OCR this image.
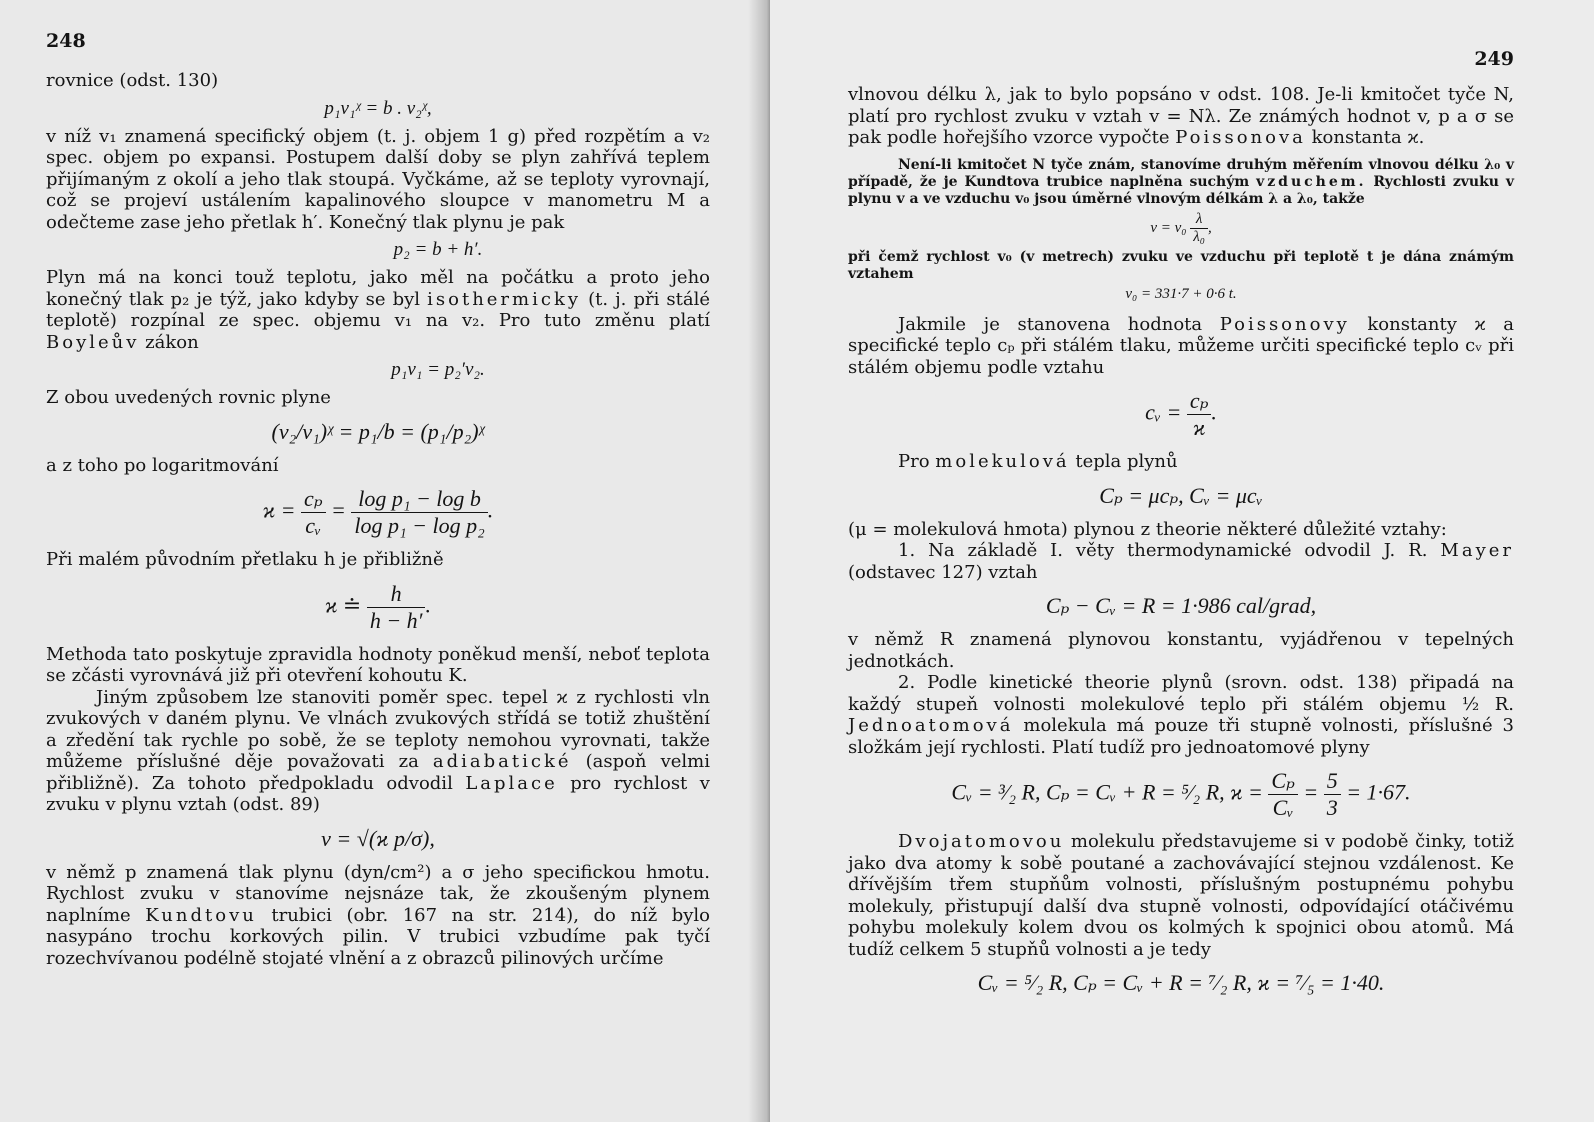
248

rovnice (odst. 130)

p₁v₁ᵡ = b . v₂ᵡ,

v níž v₁ znamená specifický objem (t. j. objem 1 g) před rozpětím a v₂ spec. objem po expansi. Postupem další doby se plyn zahřívá teplem přijímaným z okolí a jeho tlak stoupá. Vyčkáme, až se teploty vyrovnají, což se projeví ustálením kapalinového sloupce v manometru M a odečteme zase jeho přetlak h′. Konečný tlak plynu je pak

p₂ = b + h′.

Plyn má na konci touž teplotu, jako měl na počátku a proto jeho konečný tlak p₂ je týž, jako kdyby se byl isothermicky (t. j. při stálé teplotě) rozpínal ze spec. objemu v₁ na v₂. Pro tuto změnu platí Boyleův zákon

p₁v₁ = p₂′v₂.

Z obou uvedených rovnic plyne

(v₂/v₁)ᵡ = p₁/b = (p₁/p₂)ᵡ

a z toho po logaritmování

$ϰ = \frac{\text{cₚ}}{\text{cᵥ}} = \frac{\text{log p₁ − log b}}{\text{log p₁ − log p₂}}$ .

Při malém původním přetlaku h je přibližně

ϰ ≐ $\frac{h}{h - h'}$ .

Methoda tato poskytuje zpravidla hodnoty poněkud menší, neboť teplota se zčásti vyrovnává již při otevření kohoutu K.

Jiným způsobem lze stanoviti poměr spec. tepel ϰ z rychlosti vln zvukových v daném plynu. Ve vlnách zvukových střídá se totiž zhuštění a zředění tak rychle po sobě, že se teploty nemohou vyrovnati, takže můžeme příslušné děje považovati za adiabatické (aspoň velmi přibližně). Za tohoto předpokladu odvodil Laplace pro rychlost v zvuku v plynu vztah (odst. 89)

v = √(ϰ p/σ),

v němž p znamená tlak plynu (dyn/cm²) a σ jeho specifickou hmotu. Rychlost zvuku v stanovíme nejsnáze tak, že zkoušeným plynem naplníme Kundtovu trubici (obr. 167 na str. 214), do níž bylo nasypáno trochu korkových pilin. V trubici vzbudíme pak tyčí rozechvívanou podélně stojaté vlnění a z obrazců pilinových určíme

249

vlnovou délku λ, jak to bylo popsáno v odst. 108. Je-li kmitočet tyče N, platí pro rychlost zvuku v vztah v = Nλ. Ze známých hodnot v, p a σ se pak podle hořejšího vzorce vypočte Poissonova konstanta ϰ.

Není-li kmitočet N tyče znám, stanovíme druhým měřením vlnovou délku λ₀ v případě, že je Kundtova trubice naplněna suchým vzduchem. Rychlosti zvuku v plynu v a ve vzduchu v₀ jsou úměrné vlnovým délkám λ a λ₀, takže
$v = v_0 \frac{\lambda}{\text{λ₀}}$ ,
při čemž rychlost v₀ (v metrech) zvuku ve vzduchu při teplotě t je dána známým vztahem
v₀ = 331·7 + 0·6 t.

Jakmile je stanovena hodnota Poissonovy konstanty ϰ a specifické teplo cₚ při stálém tlaku, můžeme určiti specifické teplo cᵥ při stálém objemu podle vztahu

cᵥ = $\frac{\text{cₚ}}{ϰ}$ .

Pro molekulová tepla plynů

Cₚ = μcₚ, Cᵥ = μcᵥ

(μ = molekulová hmota) plynou z theorie některé důležité vztahy:

1. Na základě I. věty thermodynamické odvodil J. R. Mayer (odstavec 127) vztah

Cₚ − Cᵥ = R = 1·986 cal/grad,

v němž R znamená plynovou konstantu, vyjádřenou v tepelných jednotkách.

2. Podle kinetické theorie plynů (srovn. odst. 138) připadá na každý stupeň volnosti molekulové teplo při stálém objemu ½ R. Jednoatomová molekula má pouze tři stupně volnosti, příslušné 3 složkám její rychlosti. Platí tudíž pro jednoatomové plyny

Cᵥ = ³⁄₂ R, Cₚ = Cᵥ + R = ⁵⁄₂ R, $ϰ = \frac{\text{Cₚ}}{\text{Cᵥ}} = \frac{5}{3} = 1\cdot 67$.

Dvojatomovou molekulu představujeme si v podobě činky, totiž jako dva atomy k sobě poutané a zachovávající stejnou vzdálenost. Ke dřívějším třem stupňům volnosti, příslušným postupnému pohybu molekuly, přistupují další dva stupně volnosti, odpovídající otáčivému pohybu molekuly kolem dvou os kolmých k spojnici obou atomů. Má tudíž celkem 5 stupňů volnosti a je tedy

Cᵥ = ⁵⁄₂ R, Cₚ = Cᵥ + R = ⁷⁄₂ R, ϰ = ⁷⁄₅ = 1·40.
